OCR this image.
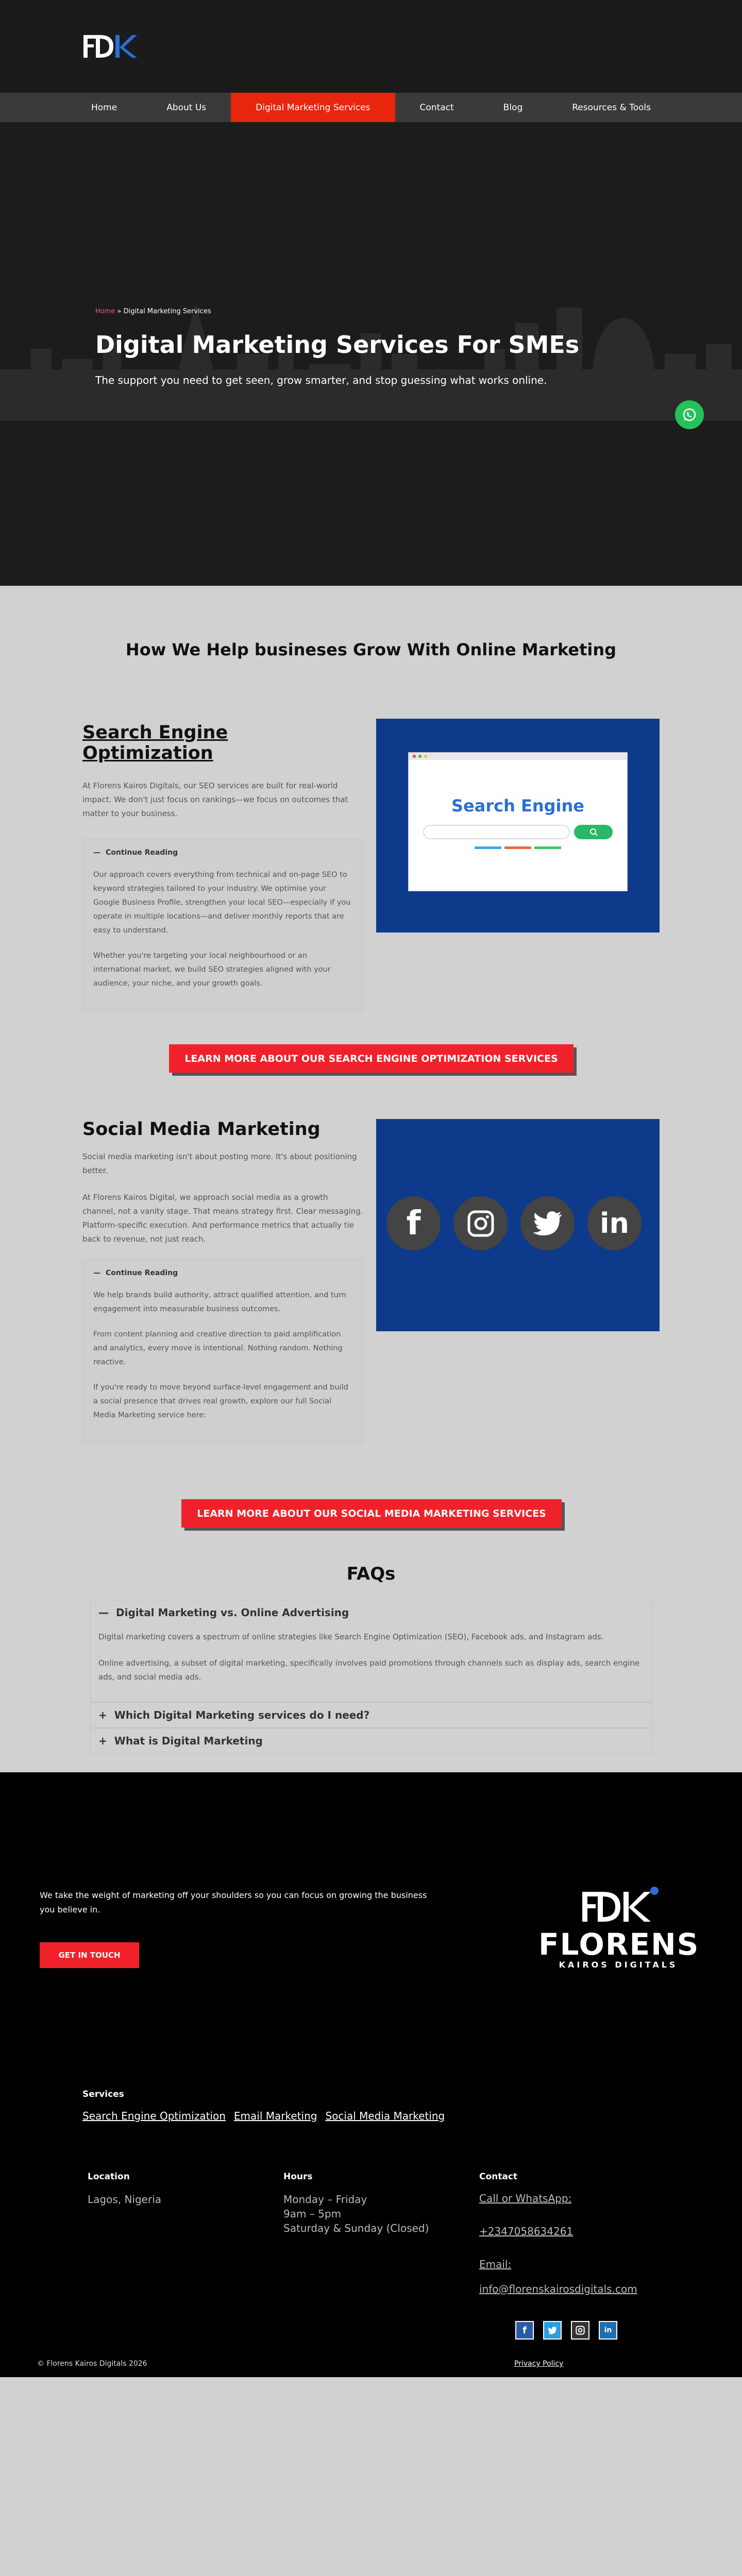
Home	About Us	Digital Marketing Services	Contact	Blog	Resources & Tools
Home » Digital Marketing Services
Digital Marketing Services For SMEs

The support you need to get seen, grow smarter, and stop guessing what works online.

How We Help busineses Grow With Online Marketing
Search Engine Optimization

At Florens Kairos Digitals, our SEO services are built for real-world impact. We don't just focus on rankings—we focus on outcomes that matter to your business.

— Continue Reading

Our approach covers everything from technical and on-page SEO to keyword strategies tailored to your industry. We optimise your Google Business Profile, strengthen your local SEO—especially if you operate in multiple locations—and deliver monthly reports that are easy to understand.

Whether you're targeting your local neighbourhood or an international market, we build SEO strategies aligned with your audience, your niche, and your growth goals.

Search Engine
LEARN MORE ABOUT OUR SEARCH ENGINE OPTIMIZATION SERVICES
Social Media Marketing

Social media marketing isn't about posting more. It's about positioning better.

At Florens Kairos Digital, we approach social media as a growth channel, not a vanity stage. That means strategy first. Clear messaging. Platform-specific execution. And performance metrics that actually tie back to revenue, not just reach.

— Continue Reading

We help brands build authority, attract qualified attention, and turn engagement into measurable business outcomes.

From content planning and creative direction to paid amplification and analytics, every move is intentional. Nothing random. Nothing reactive.

If you're ready to move beyond surface-level engagement and build a social presence that drives real growth, explore our full Social Media Marketing service here:

f	in
LEARN MORE ABOUT OUR SOCIAL MEDIA MARKETING SERVICES
FAQs
— Digital Marketing vs. Online Advertising

Digital marketing covers a spectrum of online strategies like Search Engine Optimization (SEO), Facebook ads, and Instagram ads.

Online advertising, a subset of digital marketing, specifically involves paid promotions through channels such as display ads, search engine ads, and social media ads.

+ Which Digital Marketing services do I need?
+ What is Digital Marketing

We take the weight of marketing off your shoulders so you can focus on growing the business you believe in.

GET IN TOUCH	FLORENS
KAIROS DIGITALS
Services
Search Engine Optimization Email Marketing Social Media Marketing
Location
Lagos, Nigeria
Hours
Monday – Friday
9am – 5pm
Saturday & Sunday (Closed)
Contact
Call or WhatsApp:
+2347058634261
Email:
info@florenskairosdigitals.com
f	in
© Florens Kairos Digitals 2026	Privacy Policy
